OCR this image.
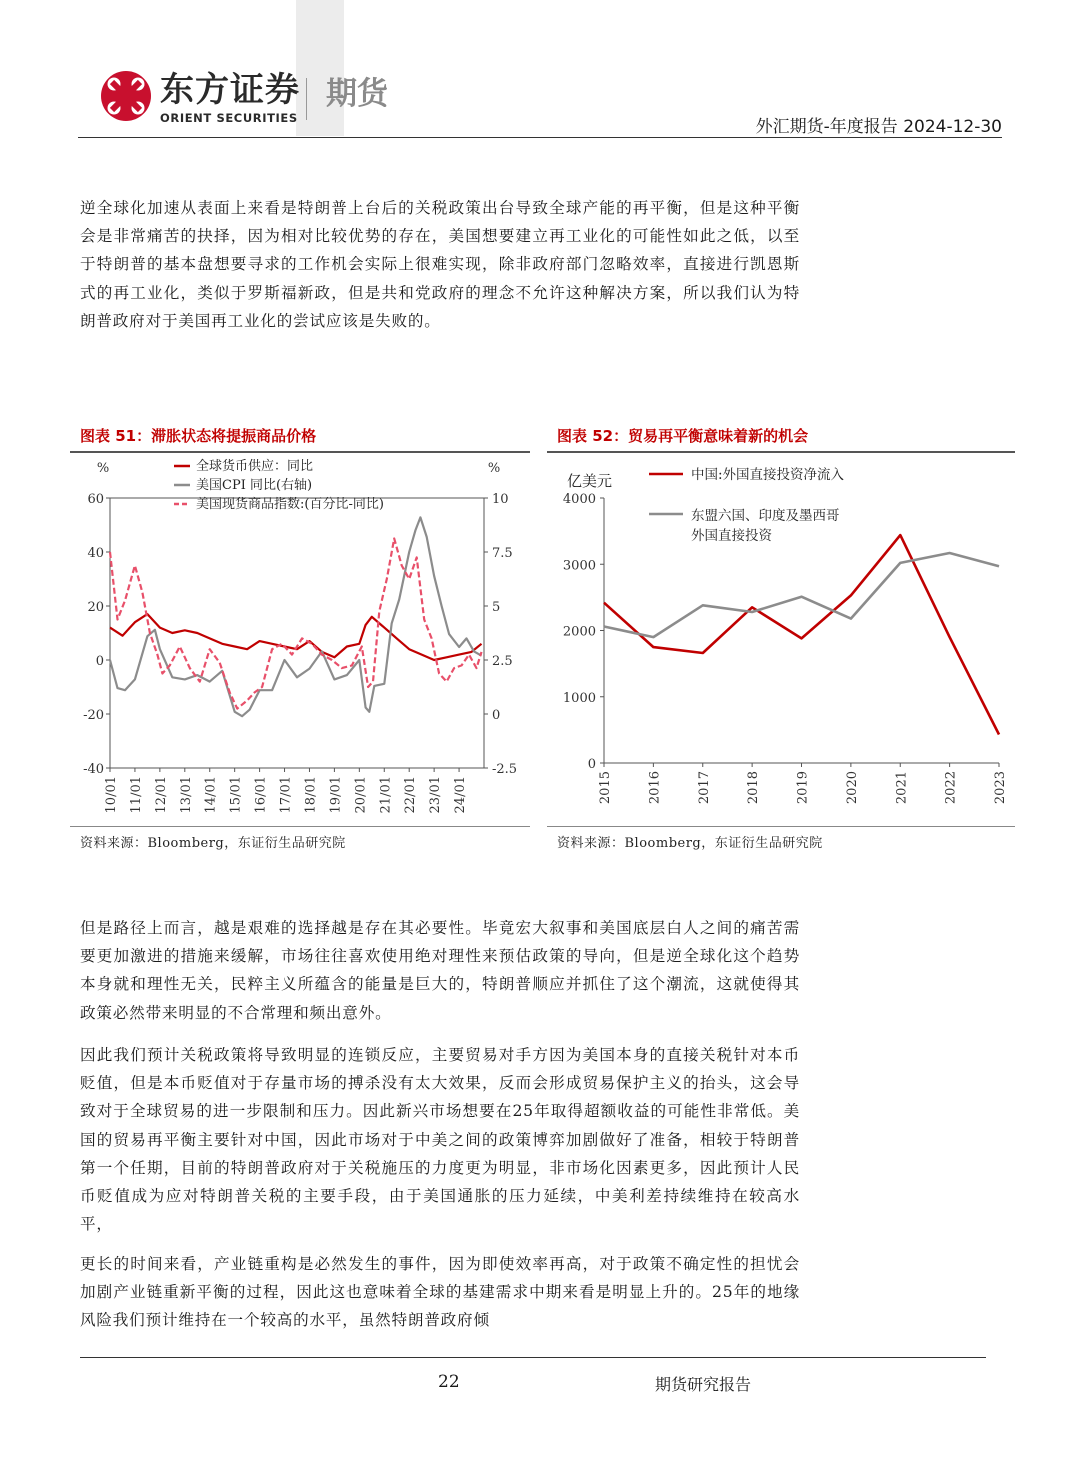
东方证券
ORIENT SECURITIES
期货
外汇期货-年度报告 2024-12-30
逆全球化加速从表面上来看是特朗普上台后的关税政策出台导致全球产能的再平衡，但是这种平衡会是非常痛苦的抉择，因为相对比较优势的存在，美国想要建立再工业化的可能性如此之低，以至于特朗普的基本盘想要寻求的工作机会实际上很难实现，除非政府部门忽略效率，直接进行凯恩斯式的再工业化，类似于罗斯福新政，但是共和党政府的理念不允许这种解决方案，所以我们认为特朗普政府对于美国再工业化的尝试应该是失败的。
图表 51：滞胀状态将提振商品价格
%	%
60
40
20
0
-20
-40
10
7.5
5
2.5
0
-2.5
10/01 11/01 12/01 13/01 14/01 15/01 16/01 17/01 18/01 19/01 20/01 21/01 22/01 23/01 24/01
全球货币供应：同比
美国CPI 同比(右轴)
美国现货商品指数:(百分比-同比)
资料来源：Bloomberg，东证衍生品研究院
图表 52：贸易再平衡意味着新的机会
亿美元
4000
3000
2000
1000
0
2015	2016	2017	2018	2019	2020	2021	2022	2023
中国:外国直接投资净流入
东盟六国、印度及墨西哥
外国直接投资
资料来源：Bloomberg，东证衍生品研究院
但是路径上而言，越是艰难的选择越是存在其必要性。毕竟宏大叙事和美国底层白人之间的痛苦需要更加激进的措施来缓解，市场往往喜欢使用绝对理性来预估政策的导向，但是逆全球化这个趋势本身就和理性无关，民粹主义所蕴含的能量是巨大的，特朗普顺应并抓住了这个潮流，这就使得其政策必然带来明显的不合常理和频出意外。
因此我们预计关税政策将导致明显的连锁反应，主要贸易对手方因为美国本身的直接关税针对本币贬值，但是本币贬值对于存量市场的搏杀没有太大效果，反而会形成贸易保护主义的抬头，这会导致对于全球贸易的进一步限制和压力。因此新兴市场想要在25年取得超额收益的可能性非常低。美国的贸易再平衡主要针对中国，因此市场对于中美之间的政策博弈加剧做好了准备，相较于特朗普第一个任期，目前的特朗普政府对于关税施压的力度更为明显，非市场化因素更多，因此预计人民币贬值成为应对特朗普关税的主要手段，由于美国通胀的压力延续，中美利差持续维持在较高水平，
更长的时间来看，产业链重构是必然发生的事件，因为即使效率再高，对于政策不确定性的担忧会加剧产业链重新平衡的过程，因此这也意味着全球的基建需求中期来看是明显上升的。25年的地缘风险我们预计维持在一个较高的水平，虽然特朗普政府倾
22	期货研究报告
